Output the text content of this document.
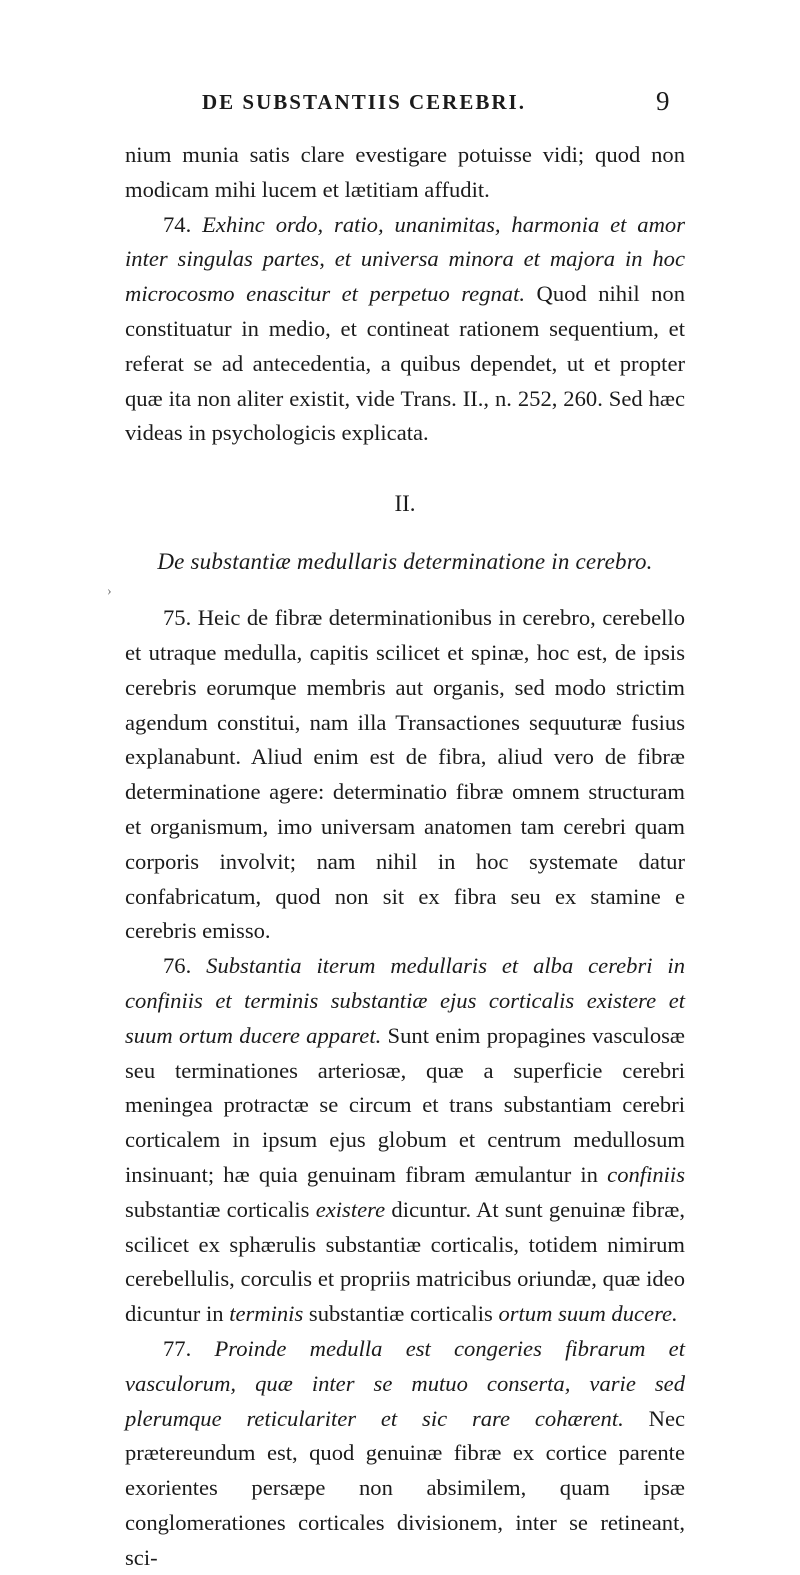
DE SUBSTANTIIS CEREBRI.	9
›

nium munia satis clare evestigare potuisse vidi; quod non modicam mihi lucem et lætitiam affudit.

74. Exhinc ordo, ratio, unanimitas, harmonia et amor inter singulas partes, et universa minora et majora in hoc microcosmo enascitur et perpetuo regnat. Quod nihil non constituatur in medio, et contineat rationem sequentium, et referat se ad antecedentia, a quibus dependet, ut et propter quæ ita non aliter existit, vide Trans. II., n. 252, 260. Sed hæc videas in psychologicis explicata.

II.
De substantiæ medullaris determinatione in cerebro.

75. Heic de fibræ determinationibus in cerebro, cerebello et utraque medulla, capitis scilicet et spinæ, hoc est, de ipsis cerebris eorumque membris aut organis, sed modo strictim agendum constitui, nam illa Transactiones sequuturæ fusius explanabunt. Aliud enim est de fibra, aliud vero de fibræ determinatione agere: determinatio fibræ omnem structuram et organismum, imo universam anatomen tam cerebri quam corporis involvit; nam nihil in hoc systemate datur confabricatum, quod non sit ex fibra seu ex stamine e cerebris emisso.

76. Substantia iterum medullaris et alba cerebri in confiniis et terminis substantiæ ejus corticalis existere et suum ortum ducere apparet. Sunt enim propagines vasculosæ seu terminationes arteriosæ, quæ a superficie cerebri meningea protractæ se circum et trans substantiam cerebri corticalem in ipsum ejus globum et centrum medullosum insinuant; hæ quia genuinam fibram æmulantur in confiniis substantiæ corticalis existere dicuntur. At sunt genuinæ fibræ, scilicet ex sphærulis substantiæ corticalis, totidem nimirum cerebellulis, corculis et propriis matricibus oriundæ, quæ ideo dicuntur in terminis substantiæ corticalis ortum suum ducere.

77. Proinde medulla est congeries fibrarum et vasculorum, quæ inter se mutuo conserta, varie sed plerumque reticulariter et sic rare cohærent. Nec prætereundum est, quod genuinæ fibræ ex cortice parente exorientes persæpe non absimilem, quam ipsæ conglomerationes corticales divisionem, inter se retineant, sci-
